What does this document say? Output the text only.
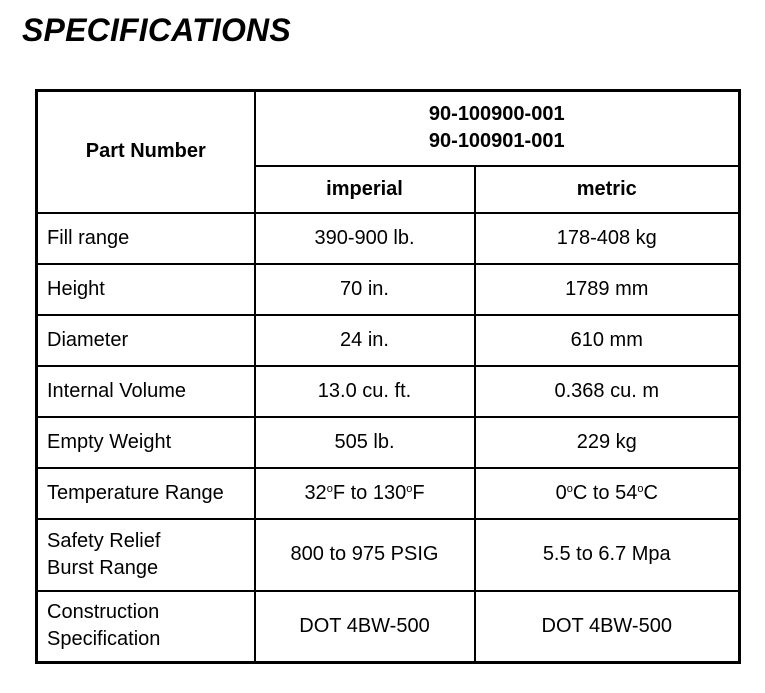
SPECIFICATIONS
Part Number	90-100900-001
90-100901-001	

	imperial	metric
Fill range	390-900 lb.	178-408 kg
Height	70 in.	1789 mm
Diameter	24 in.	610 mm
Internal Volume	13.0 cu. ft.	0.368 cu. m
Empty Weight	505 lb.	229 kg
Temperature Range	32$^o$F to 130$^o$F	0$^o$C to 54$^o$C

Safety Relief
Burst Range	800 to 975 PSIG	5.5 to 6.7 Mpa

Construction
Specification	DOT 4BW-500	DOT 4BW-500
